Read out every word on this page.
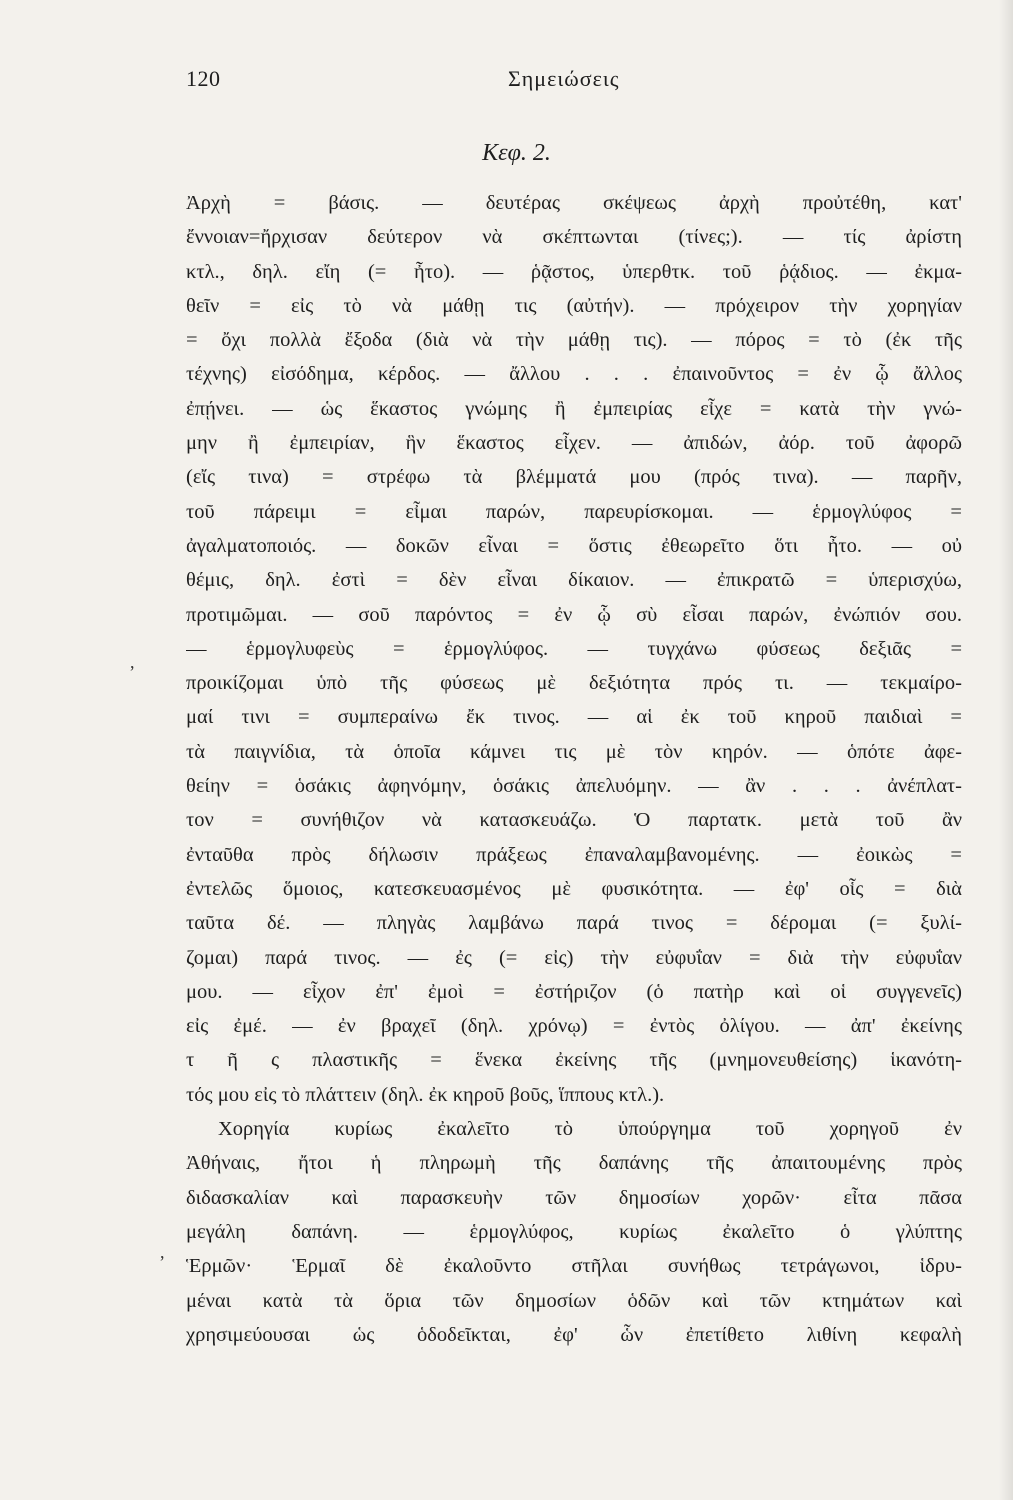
120	Σημειώσεις
Κεφ. 2.
,
,
Ἀρχὴ = βάσις. — δευτέρας σκέψεως ἀρχὴ προὐτέθη, κατ'
ἔννοιαν=ἤρχισαν δεύτερον νὰ σκέπτωνται (τίνες;). — τίς ἀρίστη
κτλ., δηλ. εἴη (= ἦτο). — ῥᾷστος, ὑπερθτκ. τοῦ ῥᾴδιος. — ἐκμα-
θεῖν = εἰς τὸ νὰ μάθῃ τις (αὐτήν). — πρόχειρον τὴν χορηγίαν
= ὄχι πολλὰ ἔξοδα (διὰ νὰ τὴν μάθῃ τις). — πόρος = τὸ (ἐκ τῆς
τέχνης) εἰσόδημα, κέρδος. — ἄλλου . . . ἐπαινοῦντος = ἐν ᾧ ἄλλος
ἐπῄνει. — ὡς ἕκαστος γνώμης ἢ ἐμπειρίας εἶχε = κατὰ τὴν γνώ-
μην ἢ ἐμπειρίαν, ἣν ἕκαστος εἶχεν. — ἀπιδών, ἀόρ. τοῦ ἀφορῶ
(εἴς τινα) = στρέφω τὰ βλέμματά μου (πρός τινα). — παρῆν,
τοῦ πάρειμι = εἶμαι παρών, παρευρίσκομαι. — ἑρμογλύφος =
ἀγαλματοποιός. — δοκῶν εἶναι = ὅστις ἐθεωρεῖτο ὅτι ἦτο. — οὐ
θέμις, δηλ. ἐστὶ = δὲν εἶναι δίκαιον. — ἐπικρατῶ = ὑπερισχύω,
προτιμῶμαι. — σοῦ παρόντος = ἐν ᾧ σὺ εἶσαι παρών, ἐνώπιόν σου.
— ἑρμογλυφεὺς = ἑρμογλύφος. — τυγχάνω φύσεως δεξιᾶς =
προικίζομαι ὑπὸ τῆς φύσεως μὲ δεξιότητα πρός τι. — τεκμαίρο-
μαί τινι = συμπεραίνω ἔκ τινος. — αἱ ἐκ τοῦ κηροῦ παιδιαὶ =
τὰ παιγνίδια, τὰ ὁποῖα κάμνει τις μὲ τὸν κηρόν. — ὁπότε ἀφε-
θείην = ὁσάκις ἀφηνόμην, ὁσάκις ἀπελυόμην. — ἂν . . . ἀνέπλατ-
τον = συνήθιζον νὰ κατασκευάζω. Ὁ παρτατκ. μετὰ τοῦ ἂν
ἐνταῦθα πρὸς δήλωσιν πράξεως ἐπαναλαμβανομένης. — ἐοικὼς =
ἐντελῶς ὅμοιος, κατεσκευασμένος μὲ φυσικότητα. — ἐφ' οἷς = διὰ
ταῦτα δέ. — πληγὰς λαμβάνω παρά τινος = δέρομαι (= ξυλί-
ζομαι) παρά τινος. — ἐς (= εἰς) τὴν εὐφυΐαν = διὰ τὴν εὐφυΐαν
μου. — εἶχον ἐπ' ἐμοὶ = ἐστήριζον (ὁ πατὴρ καὶ οἱ συγγενεῖς)
εἰς ἐμέ. — ἐν βραχεῖ (δηλ. χρόνῳ) = ἐντὸς ὀλίγου. — ἀπ' ἐκείνης
τ ῆ ς πλαστικῆς = ἕνεκα ἐκείνης τῆς (μνημονευθείσης) ἱκανότη-
τός μου εἰς τὸ πλάττειν (δηλ. ἐκ κηροῦ βοῦς, ἵππους κτλ.).
Χορηγία κυρίως ἐκαλεῖτο τὸ ὑπούργημα τοῦ χορηγοῦ ἐν
Ἀθήναις, ἤτοι ἡ πληρωμὴ τῆς δαπάνης τῆς ἀπαιτουμένης πρὸς
διδασκαλίαν καὶ παρασκευὴν τῶν δημοσίων χορῶν· εἶτα πᾶσα
μεγάλη δαπάνη. — ἑρμογλύφος, κυρίως ἐκαλεῖτο ὁ γλύπτης
Ἑρμῶν· Ἑρμαῖ δὲ ἐκαλοῦντο στῆλαι συνήθως τετράγωνοι, ἱδρυ-
μέναι κατὰ τὰ ὅρια τῶν δημοσίων ὁδῶν καὶ τῶν κτημάτων καὶ
χρησιμεύουσαι ὡς ὁδοδεῖκται, ἐφ' ὧν ἐπετίθετο λιθίνη κεφαλὴ
